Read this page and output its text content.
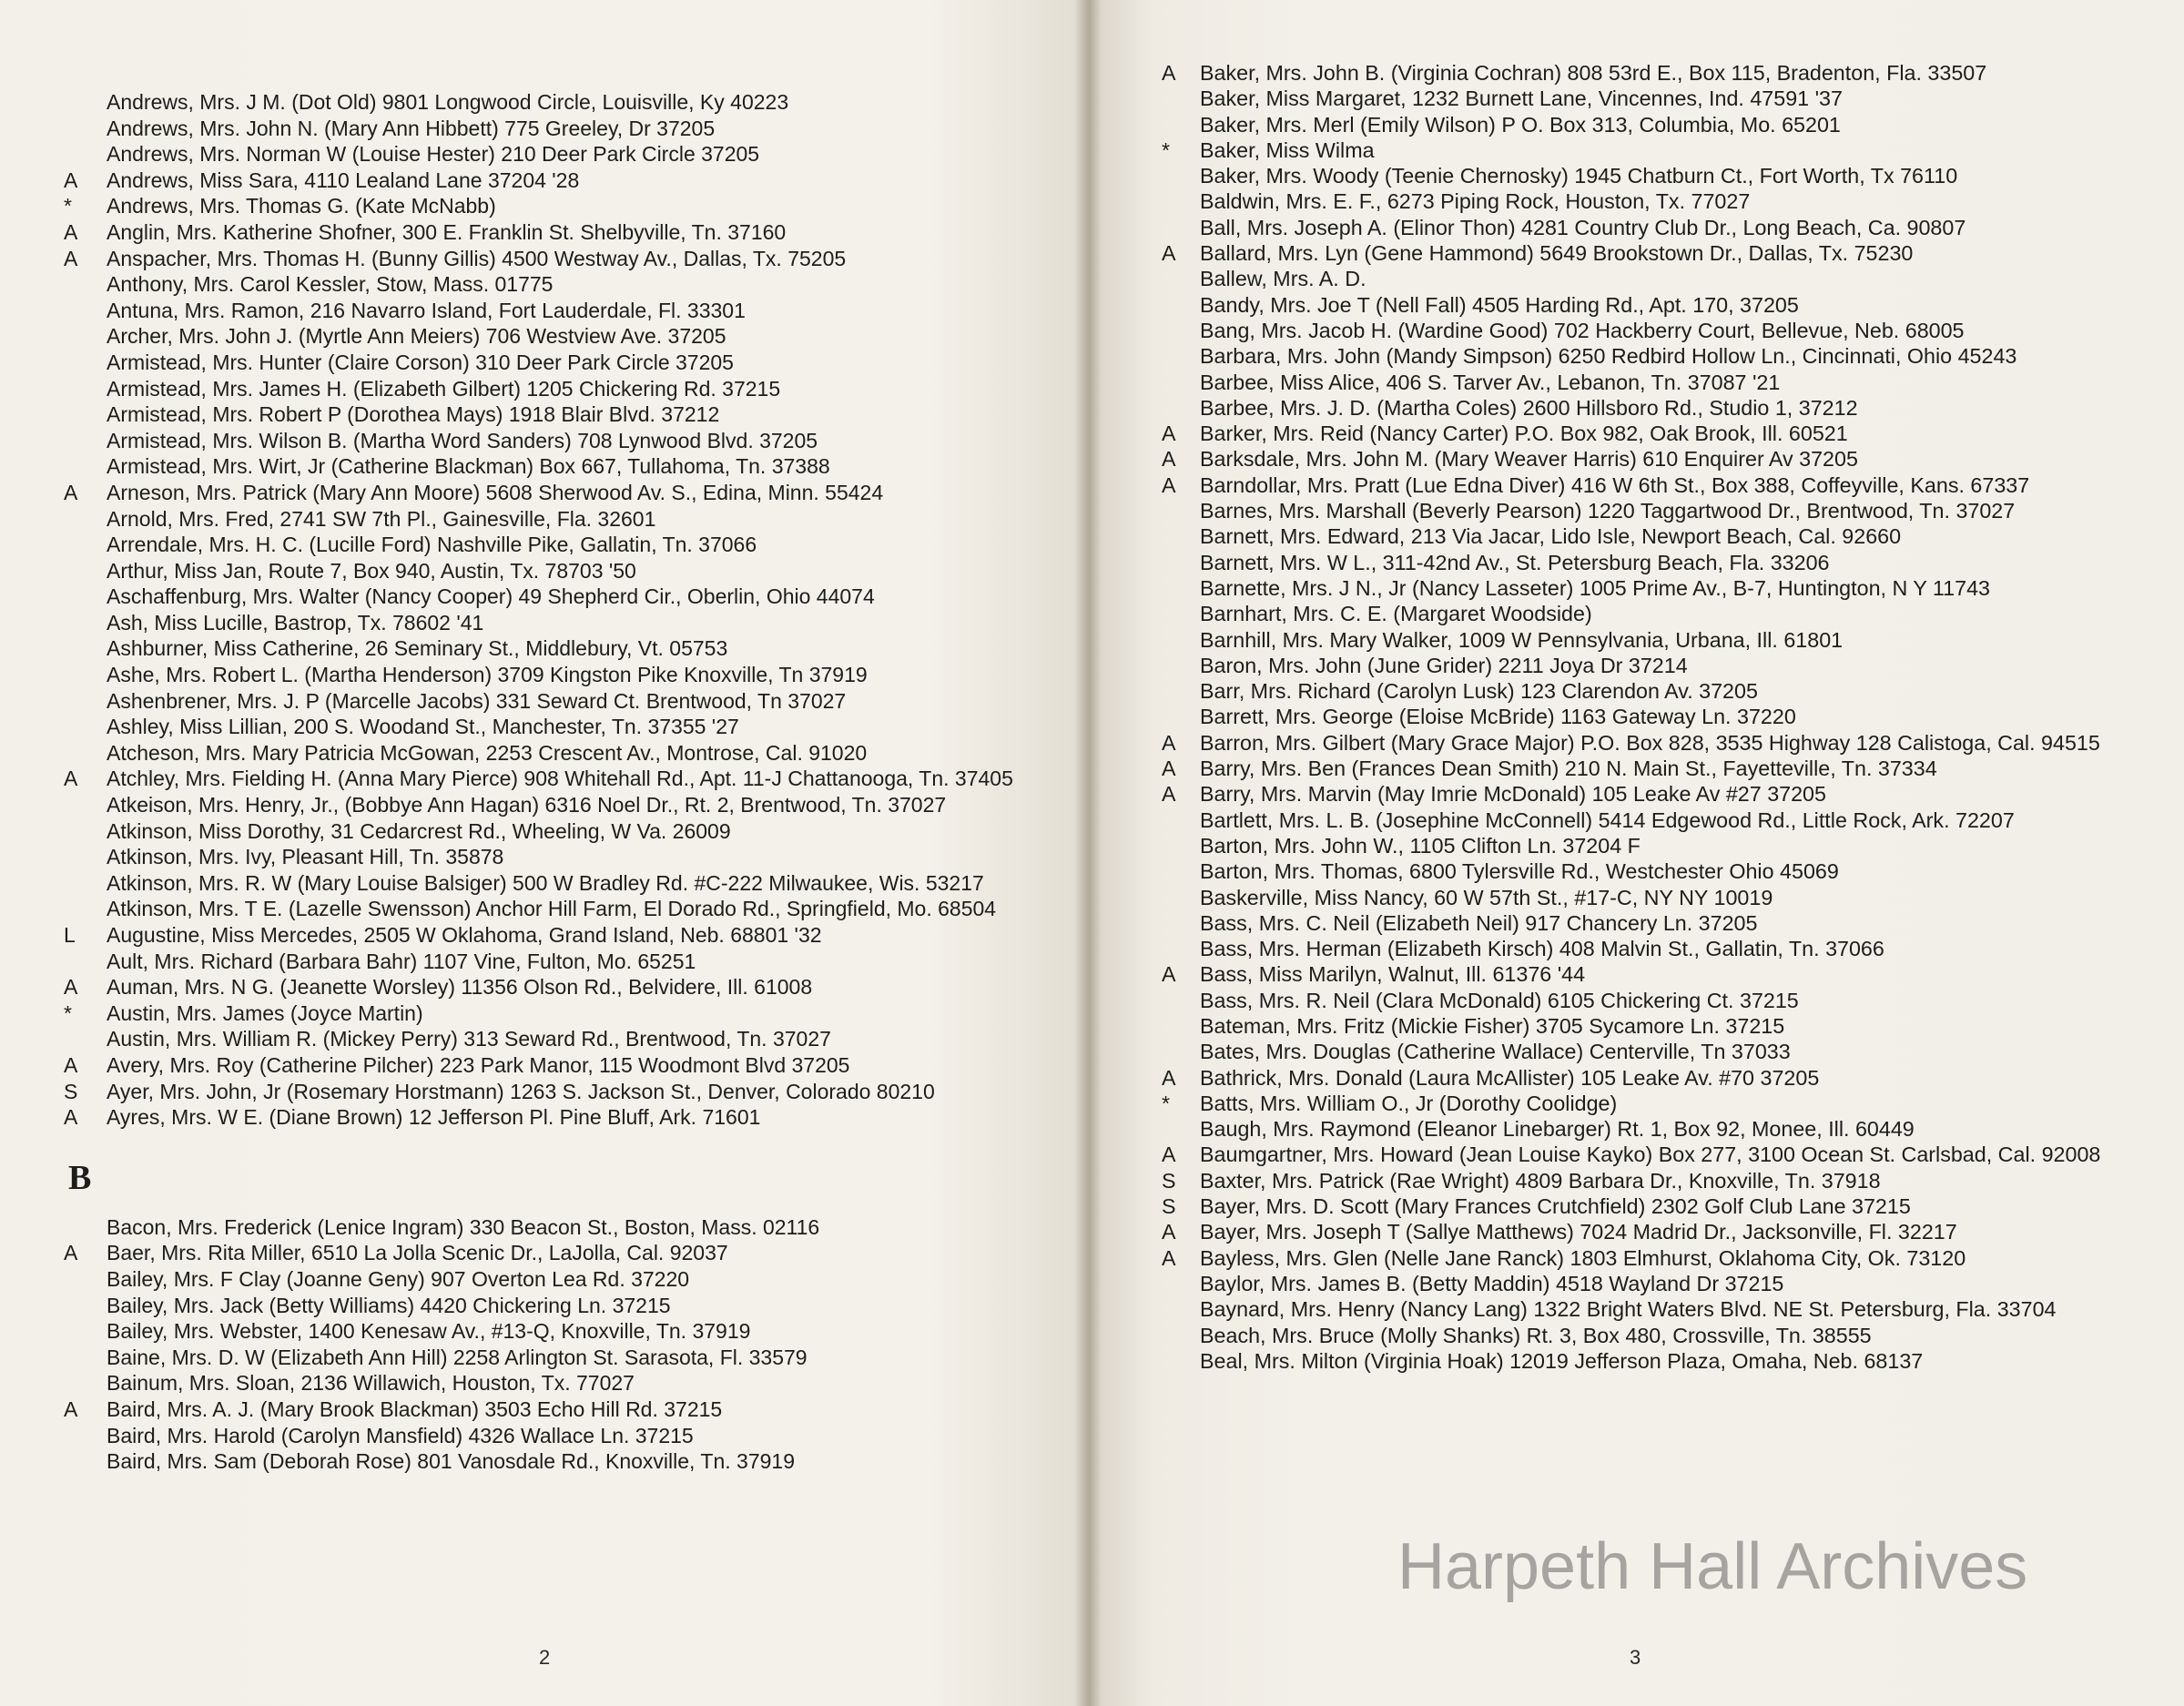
Andrews, Mrs. J M. (Dot Old) 9801 Longwood Circle, Louisville, Ky 40223
Andrews, Mrs. John N. (Mary Ann Hibbett) 775 Greeley, Dr 37205
Andrews, Mrs. Norman W (Louise Hester) 210 Deer Park Circle 37205
A	Andrews, Miss Sara, 4110 Lealand Lane 37204 '28
*	Andrews, Mrs. Thomas G. (Kate McNabb)
A	Anglin, Mrs. Katherine Shofner, 300 E. Franklin St. Shelbyville, Tn. 37160
A	Anspacher, Mrs. Thomas H. (Bunny Gillis) 4500 Westway Av., Dallas, Tx. 75205
Anthony, Mrs. Carol Kessler, Stow, Mass. 01775
Antuna, Mrs. Ramon, 216 Navarro Island, Fort Lauderdale, Fl. 33301
Archer, Mrs. John J. (Myrtle Ann Meiers) 706 Westview Ave. 37205
Armistead, Mrs. Hunter (Claire Corson) 310 Deer Park Circle 37205
Armistead, Mrs. James H. (Elizabeth Gilbert) 1205 Chickering Rd. 37215
Armistead, Mrs. Robert P (Dorothea Mays) 1918 Blair Blvd. 37212
Armistead, Mrs. Wilson B. (Martha Word Sanders) 708 Lynwood Blvd. 37205
Armistead, Mrs. Wirt, Jr (Catherine Blackman) Box 667, Tullahoma, Tn. 37388
A	Arneson, Mrs. Patrick (Mary Ann Moore) 5608 Sherwood Av. S., Edina, Minn. 55424
Arnold, Mrs. Fred, 2741 SW 7th Pl., Gainesville, Fla. 32601
Arrendale, Mrs. H. C. (Lucille Ford) Nashville Pike, Gallatin, Tn. 37066
Arthur, Miss Jan, Route 7, Box 940, Austin, Tx. 78703 '50
Aschaffenburg, Mrs. Walter (Nancy Cooper) 49 Shepherd Cir., Oberlin, Ohio 44074
Ash, Miss Lucille, Bastrop, Tx. 78602 '41
Ashburner, Miss Catherine, 26 Seminary St., Middlebury, Vt. 05753
Ashe, Mrs. Robert L. (Martha Henderson) 3709 Kingston Pike Knoxville, Tn 37919
Ashenbrener, Mrs. J. P (Marcelle Jacobs) 331 Seward Ct. Brentwood, Tn 37027
Ashley, Miss Lillian, 200 S. Woodand St., Manchester, Tn. 37355 '27
Atcheson, Mrs. Mary Patricia McGowan, 2253 Crescent Av., Montrose, Cal. 91020
A	Atchley, Mrs. Fielding H. (Anna Mary Pierce) 908 Whitehall Rd., Apt. 11-J Chattanooga, Tn. 37405
Atkeison, Mrs. Henry, Jr., (Bobbye Ann Hagan) 6316 Noel Dr., Rt. 2, Brentwood, Tn. 37027
Atkinson, Miss Dorothy, 31 Cedarcrest Rd., Wheeling, W Va. 26009
Atkinson, Mrs. Ivy, Pleasant Hill, Tn. 35878
Atkinson, Mrs. R. W (Mary Louise Balsiger) 500 W Bradley Rd. #C-222 Milwaukee, Wis. 53217
Atkinson, Mrs. T E. (Lazelle Swensson) Anchor Hill Farm, El Dorado Rd., Springfield, Mo. 68504
L	Augustine, Miss Mercedes, 2505 W Oklahoma, Grand Island, Neb. 68801 '32
Ault, Mrs. Richard (Barbara Bahr) 1107 Vine, Fulton, Mo. 65251
A	Auman, Mrs. N G. (Jeanette Worsley) 11356 Olson Rd., Belvidere, Ill. 61008
*	Austin, Mrs. James (Joyce Martin)
Austin, Mrs. William R. (Mickey Perry) 313 Seward Rd., Brentwood, Tn. 37027
A	Avery, Mrs. Roy (Catherine Pilcher) 223 Park Manor, 115 Woodmont Blvd 37205
S	Ayer, Mrs. John, Jr (Rosemary Horstmann) 1263 S. Jackson St., Denver, Colorado 80210
A	Ayres, Mrs. W E. (Diane Brown) 12 Jefferson Pl. Pine Bluff, Ark. 71601
B
Bacon, Mrs. Frederick (Lenice Ingram) 330 Beacon St., Boston, Mass. 02116
A	Baer, Mrs. Rita Miller, 6510 La Jolla Scenic Dr., LaJolla, Cal. 92037
Bailey, Mrs. F Clay (Joanne Geny) 907 Overton Lea Rd. 37220
Bailey, Mrs. Jack (Betty Williams) 4420 Chickering Ln. 37215
Bailey, Mrs. Webster, 1400 Kenesaw Av., #13-Q, Knoxville, Tn. 37919
Baine, Mrs. D. W (Elizabeth Ann Hill) 2258 Arlington St. Sarasota, Fl. 33579
Bainum, Mrs. Sloan, 2136 Willawich, Houston, Tx. 77027
A	Baird, Mrs. A. J. (Mary Brook Blackman) 3503 Echo Hill Rd. 37215
Baird, Mrs. Harold (Carolyn Mansfield) 4326 Wallace Ln. 37215
Baird, Mrs. Sam (Deborah Rose) 801 Vanosdale Rd., Knoxville, Tn. 37919
2
A	Baker, Mrs. John B. (Virginia Cochran) 808 53rd E., Box 115, Bradenton, Fla. 33507
Baker, Miss Margaret, 1232 Burnett Lane, Vincennes, Ind. 47591 '37
Baker, Mrs. Merl (Emily Wilson) P O. Box 313, Columbia, Mo. 65201
*	Baker, Miss Wilma
Baker, Mrs. Woody (Teenie Chernosky) 1945 Chatburn Ct., Fort Worth, Tx 76110
Baldwin, Mrs. E. F., 6273 Piping Rock, Houston, Tx. 77027
Ball, Mrs. Joseph A. (Elinor Thon) 4281 Country Club Dr., Long Beach, Ca. 90807
A	Ballard, Mrs. Lyn (Gene Hammond) 5649 Brookstown Dr., Dallas, Tx. 75230
Ballew, Mrs. A. D.
Bandy, Mrs. Joe T (Nell Fall) 4505 Harding Rd., Apt. 170, 37205
Bang, Mrs. Jacob H. (Wardine Good) 702 Hackberry Court, Bellevue, Neb. 68005
Barbara, Mrs. John (Mandy Simpson) 6250 Redbird Hollow Ln., Cincinnati, Ohio 45243
Barbee, Miss Alice, 406 S. Tarver Av., Lebanon, Tn. 37087 '21
Barbee, Mrs. J. D. (Martha Coles) 2600 Hillsboro Rd., Studio 1, 37212
A	Barker, Mrs. Reid (Nancy Carter) P.O. Box 982, Oak Brook, Ill. 60521
A	Barksdale, Mrs. John M. (Mary Weaver Harris) 610 Enquirer Av 37205
A	Barndollar, Mrs. Pratt (Lue Edna Diver) 416 W 6th St., Box 388, Coffeyville, Kans. 67337
Barnes, Mrs. Marshall (Beverly Pearson) 1220 Taggartwood Dr., Brentwood, Tn. 37027
Barnett, Mrs. Edward, 213 Via Jacar, Lido Isle, Newport Beach, Cal. 92660
Barnett, Mrs. W L., 311-42nd Av., St. Petersburg Beach, Fla. 33206
Barnette, Mrs. J N., Jr (Nancy Lasseter) 1005 Prime Av., B-7, Huntington, N Y 11743
Barnhart, Mrs. C. E. (Margaret Woodside)
Barnhill, Mrs. Mary Walker, 1009 W Pennsylvania, Urbana, Ill. 61801
Baron, Mrs. John (June Grider) 2211 Joya Dr 37214
Barr, Mrs. Richard (Carolyn Lusk) 123 Clarendon Av. 37205
Barrett, Mrs. George (Eloise McBride) 1163 Gateway Ln. 37220
A	Barron, Mrs. Gilbert (Mary Grace Major) P.O. Box 828, 3535 Highway 128 Calistoga, Cal. 94515
A	Barry, Mrs. Ben (Frances Dean Smith) 210 N. Main St., Fayetteville, Tn. 37334
A	Barry, Mrs. Marvin (May Imrie McDonald) 105 Leake Av #27 37205
Bartlett, Mrs. L. B. (Josephine McConnell) 5414 Edgewood Rd., Little Rock, Ark. 72207
Barton, Mrs. John W., 1105 Clifton Ln. 37204 F
Barton, Mrs. Thomas, 6800 Tylersville Rd., Westchester Ohio 45069
Baskerville, Miss Nancy, 60 W 57th St., #17-C, NY NY 10019
Bass, Mrs. C. Neil (Elizabeth Neil) 917 Chancery Ln. 37205
Bass, Mrs. Herman (Elizabeth Kirsch) 408 Malvin St., Gallatin, Tn. 37066
A	Bass, Miss Marilyn, Walnut, Ill. 61376 '44
Bass, Mrs. R. Neil (Clara McDonald) 6105 Chickering Ct. 37215
Bateman, Mrs. Fritz (Mickie Fisher) 3705 Sycamore Ln. 37215
Bates, Mrs. Douglas (Catherine Wallace) Centerville, Tn 37033
A	Bathrick, Mrs. Donald (Laura McAllister) 105 Leake Av. #70 37205
*	Batts, Mrs. William O., Jr (Dorothy Coolidge)
Baugh, Mrs. Raymond (Eleanor Linebarger) Rt. 1, Box 92, Monee, Ill. 60449
A	Baumgartner, Mrs. Howard (Jean Louise Kayko) Box 277, 3100 Ocean St. Carlsbad, Cal. 92008
S	Baxter, Mrs. Patrick (Rae Wright) 4809 Barbara Dr., Knoxville, Tn. 37918
S	Bayer, Mrs. D. Scott (Mary Frances Crutchfield) 2302 Golf Club Lane 37215
A	Bayer, Mrs. Joseph T (Sallye Matthews) 7024 Madrid Dr., Jacksonville, Fl. 32217
A	Bayless, Mrs. Glen (Nelle Jane Ranck) 1803 Elmhurst, Oklahoma City, Ok. 73120
Baylor, Mrs. James B. (Betty Maddin) 4518 Wayland Dr 37215
Baynard, Mrs. Henry (Nancy Lang) 1322 Bright Waters Blvd. NE St. Petersburg, Fla. 33704
Beach, Mrs. Bruce (Molly Shanks) Rt. 3, Box 480, Crossville, Tn. 38555
Beal, Mrs. Milton (Virginia Hoak) 12019 Jefferson Plaza, Omaha, Neb. 68137
3
Harpeth Hall Archives
